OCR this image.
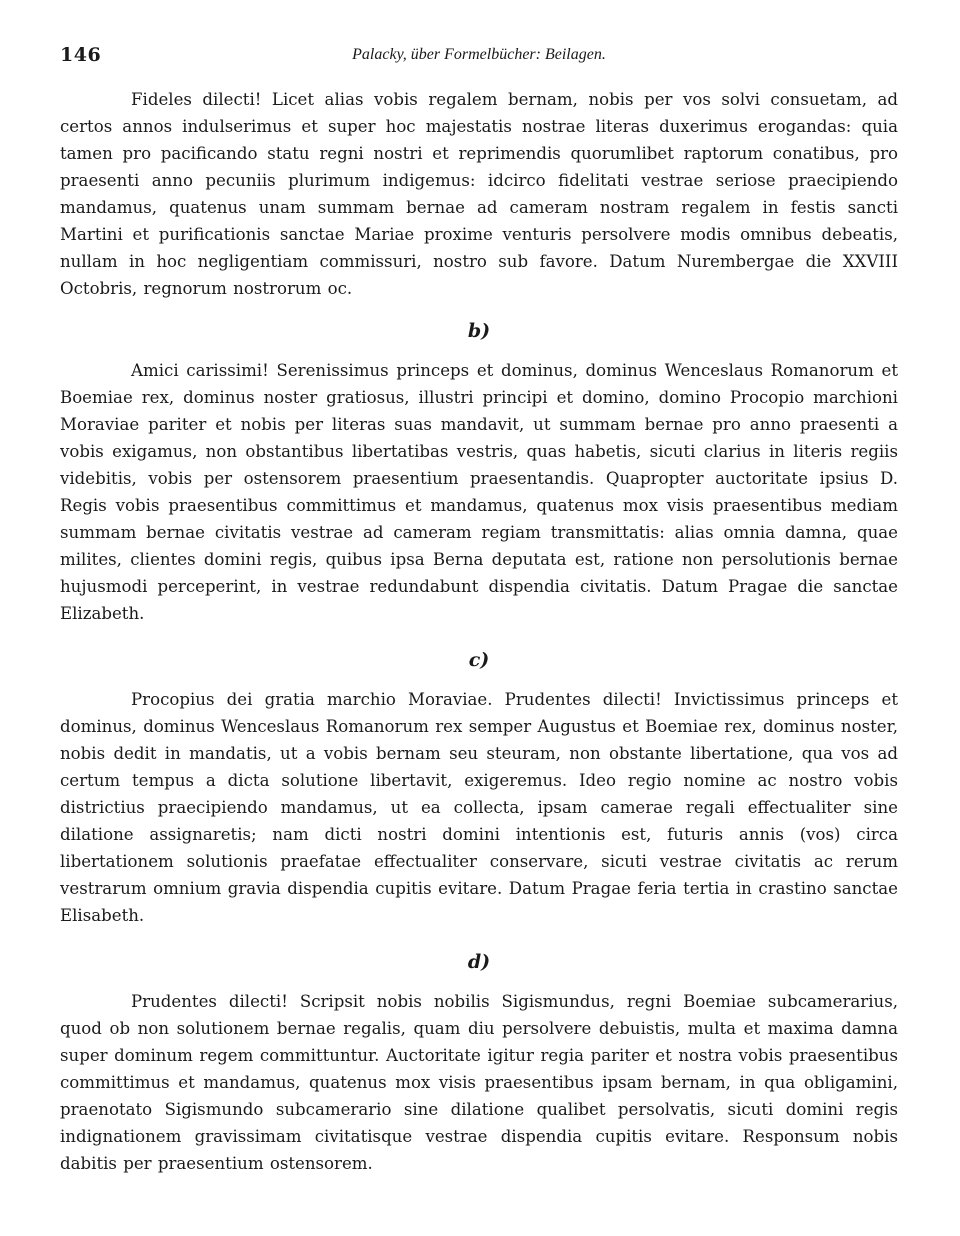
146	Palacky, über Formelbücher: Beilagen.

Fideles dilecti! Licet alias vobis regalem bernam, nobis per vos solvi consuetam, ad certos annos indulserimus et super hoc majestatis nostrae literas duxerimus erogandas: quia tamen pro pacificando statu regni nostri et reprimendis quorumlibet raptorum conatibus, pro praesenti anno pecuniis plurimum indigemus: idcirco fidelitati vestrae seriose praecipiendo mandamus, quatenus unam summam bernae ad cameram nostram regalem in festis sancti Martini et purificationis sanctae Mariae proxime venturis persolvere modis omnibus debeatis, nullam in hoc negligentiam commissuri, nostro sub favore. Datum Nurembergae die XXVIII Octobris, regnorum nostrorum oc.

b)

Amici carissimi! Serenissimus princeps et dominus, dominus Wenceslaus Romanorum et Boemiae rex, dominus noster gratiosus, illustri principi et domino, domino Procopio marchioni Moraviae pariter et nobis per literas suas mandavit, ut summam bernae pro anno praesenti a vobis exigamus, non obstantibus libertatibas vestris, quas habetis, sicuti clarius in literis regiis videbitis, vobis per ostensorem praesentium praesentandis. Quapropter auctoritate ipsius D. Regis vobis praesentibus committimus et mandamus, quatenus mox visis praesentibus mediam summam bernae civitatis vestrae ad cameram regiam transmittatis: alias omnia damna, quae milites, clientes domini regis, quibus ipsa Berna deputata est, ratione non persolutionis bernae hujusmodi perceperint, in vestrae redundabunt dispendia civitatis. Datum Pragae die sanctae Elizabeth.

c)

Procopius dei gratia marchio Moraviae. Prudentes dilecti! Invictissimus princeps et dominus, dominus Wenceslaus Romanorum rex semper Augustus et Boemiae rex, dominus noster, nobis dedit in mandatis, ut a vobis bernam seu steuram, non obstante libertatione, qua vos ad certum tempus a dicta solutione libertavit, exigeremus. Ideo regio nomine ac nostro vobis districtius praecipiendo mandamus, ut ea collecta, ipsam camerae regali effectualiter sine dilatione assignaretis; nam dicti nostri domini intentionis est, futuris annis (vos) circa libertationem solutionis praefatae effectualiter conservare, sicuti vestrae civitatis ac rerum vestrarum omnium gravia dispendia cupitis evitare. Datum Pragae feria tertia in crastino sanctae Elisabeth.

d)

Prudentes dilecti! Scripsit nobis nobilis Sigismundus, regni Boemiae subcamerarius, quod ob non solutionem bernae regalis, quam diu persolvere debuistis, multa et maxima damna super dominum regem committuntur. Auctoritate igitur regia pariter et nostra vobis praesentibus committimus et mandamus, quatenus mox visis praesentibus ipsam bernam, in qua obligamini, praenotato Sigismundo subcamerario sine dilatione qualibet persolvatis, sicuti domini regis indignationem gravissimam civitatisque vestrae dispendia cupitis evitare. Responsum nobis dabitis per praesentium ostensorem.
